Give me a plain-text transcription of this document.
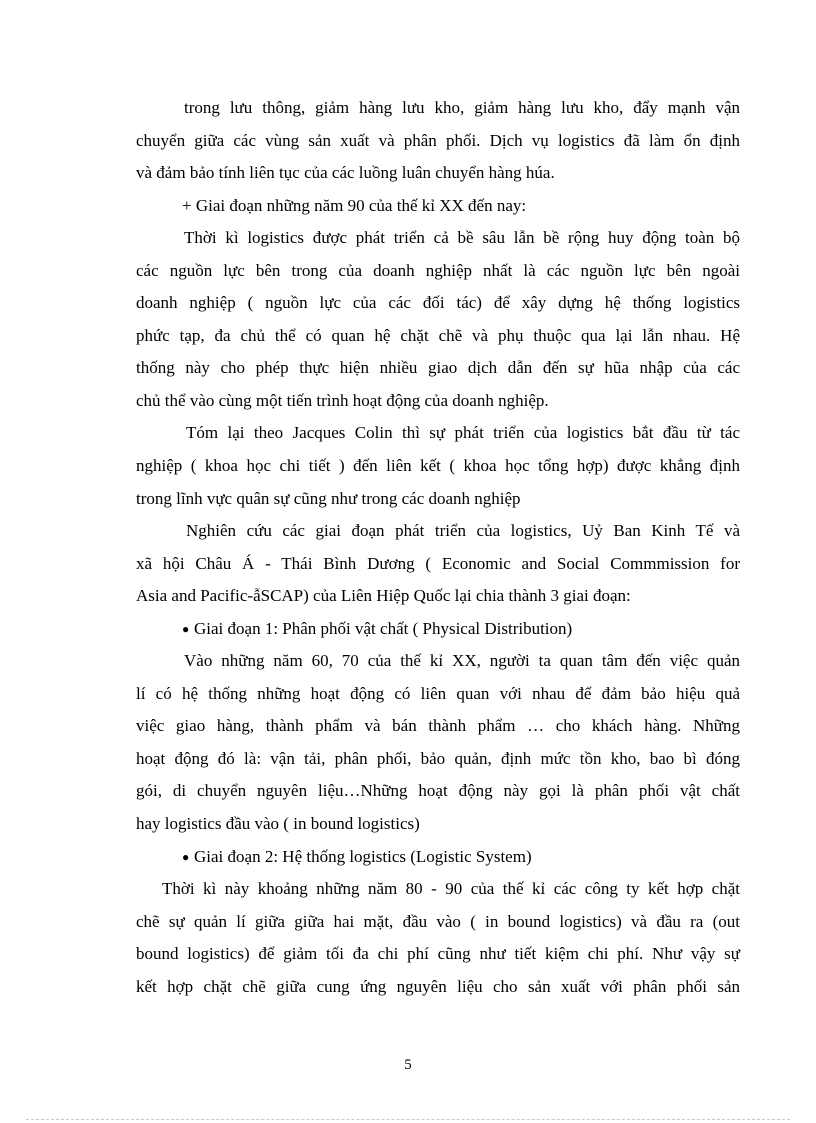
trong lưu thông, giảm hàng lưu kho, giảm hàng lưu kho, đẩy mạnh vận
chuyển giữa các vùng sản xuất và phân phối. Dịch vụ logistics đã làm ổn định
và đảm bảo tính liên tục của các luồng luân chuyển hàng húa.
+ Giai đoạn những năm 90 của thế kỉ XX đến nay:
Thời kì logistics được phát triển cả bề sâu lẫn bề rộng huy động toàn bộ
các nguồn lực bên trong của doanh nghiệp nhất là các nguồn lực bên ngoài
doanh nghiệp ( nguồn lực của các đối tác) để xây dựng hệ thống logistics
phức tạp, đa chủ thể có quan hệ chặt chẽ và phụ thuộc qua lại lẫn nhau. Hệ
thống này cho phép thực hiện nhiều giao dịch dẫn đến sự hũa nhập của các
chủ thể vào cùng một tiến trình hoạt động của doanh nghiệp.
Tóm lại theo Jacques Colin thì sự phát triển của logistics bắt đầu từ tác
nghiệp ( khoa học chi tiết ) đến liên kết ( khoa học tổng hợp) được khẳng định
trong lĩnh vực quân sự cũng như trong các doanh nghiệp
Nghiên cứu các giai đoạn phát triển của logistics, Uỷ Ban Kinh Tế và
xã hội Châu Á - Thái Bình Dương ( Economic and Social Commmission for
Asia and Pacific-ẫSCAP) của Liên Hiệp Quốc lại chia thành 3 giai đoạn:
● Giai đoạn 1: Phân phối vật chất ( Physical Distribution)
Vào những năm 60, 70 của thế kỉ XX, người ta quan tâm đến việc quản
lí có hệ thống những hoạt động có liên quan với nhau để đảm bảo hiệu quả
việc giao hàng, thành phẩm và bán thành phẩm … cho khách hàng. Những
hoạt động đó là: vận tải, phân phối, bảo quản, định mức tồn kho, bao bì đóng
gói, di chuyển nguyên liệu…Những hoạt động này gọi là phân phối vật chất
hay logistics đầu vào ( in bound logistics)
● Giai đoạn 2: Hệ thống logistics (Logistic System)
Thời kì này khoảng những năm 80 - 90 của thế kỉ các công ty kết hợp chặt
chẽ sự quản lí giữa giữa hai mặt, đầu vào ( in bound logistics) và đầu ra (out
bound logistics) để giảm tối đa chi phí cũng như tiết kiệm chi phí. Như vậy sự
kết hợp chặt chẽ giữa cung ứng nguyên liệu cho sản xuất với phân phối sản
5
